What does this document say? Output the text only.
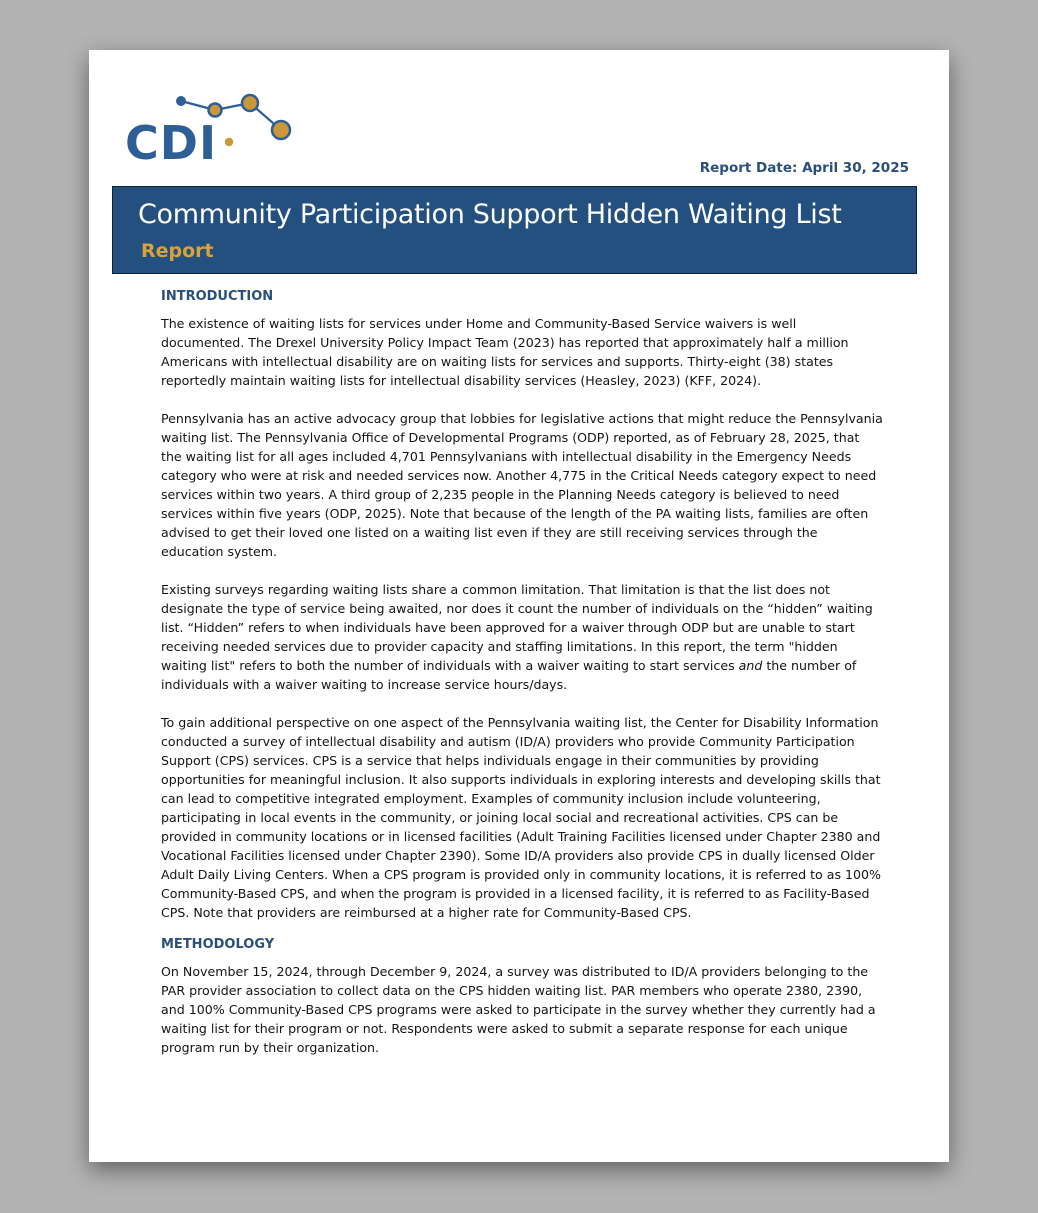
CDI	Report Date: April 30, 2025
Community Participation Support Hidden Waiting List
Report
INTRODUCTION

The existence of waiting lists for services under Home and Community-Based Service waivers is well documented. The Drexel University Policy Impact Team (2023) has reported that approximately half a million Americans with intellectual disability are on waiting lists for services and supports. Thirty-eight (38) states reportedly maintain waiting lists for intellectual disability services (Heasley, 2023) (KFF, 2024).

Pennsylvania has an active advocacy group that lobbies for legislative actions that might reduce the Pennsylvania waiting list. The Pennsylvania Office of Developmental Programs (ODP) reported, as of February 28, 2025, that the waiting list for all ages included 4,701 Pennsylvanians with intellectual disability in the Emergency Needs category who were at risk and needed services now. Another 4,775 in the Critical Needs category expect to need services within two years. A third group of 2,235 people in the Planning Needs category is believed to need services within five years (ODP, 2025). Note that because of the length of the PA waiting lists, families are often advised to get their loved one listed on a waiting list even if they are still receiving services through the education system.

Existing surveys regarding waiting lists share a common limitation. That limitation is that the list does not designate the type of service being awaited, nor does it count the number of individuals on the “hidden” waiting list. “Hidden” refers to when individuals have been approved for a waiver through ODP but are unable to start receiving needed services due to provider capacity and staffing limitations. In this report, the term "hidden waiting list" refers to both the number of individuals with a waiver waiting to start services and the number of individuals with a waiver waiting to increase service hours/days.

To gain additional perspective on one aspect of the Pennsylvania waiting list, the Center for Disability Information conducted a survey of intellectual disability and autism (ID/A) providers who provide Community Participation Support (CPS) services. CPS is a service that helps individuals engage in their communities by providing opportunities for meaningful inclusion. It also supports individuals in exploring interests and developing skills that can lead to competitive integrated employment. Examples of community inclusion include volunteering, participating in local events in the community, or joining local social and recreational activities. CPS can be provided in community locations or in licensed facilities (Adult Training Facilities licensed under Chapter 2380 and Vocational Facilities licensed under Chapter 2390). Some ID/A providers also provide CPS in dually licensed Older Adult Daily Living Centers. When a CPS program is provided only in community locations, it is referred to as 100% Community-Based CPS, and when the program is provided in a licensed facility, it is referred to as Facility-Based CPS. Note that providers are reimbursed at a higher rate for Community-Based CPS.

METHODOLOGY

On November 15, 2024, through December 9, 2024, a survey was distributed to ID/A providers belonging to the PAR provider association to collect data on the CPS hidden waiting list. PAR members who operate 2380, 2390, and 100% Community-Based CPS programs were asked to participate in the survey whether they currently had a waiting list for their program or not. Respondents were asked to submit a separate response for each unique program run by their organization.
